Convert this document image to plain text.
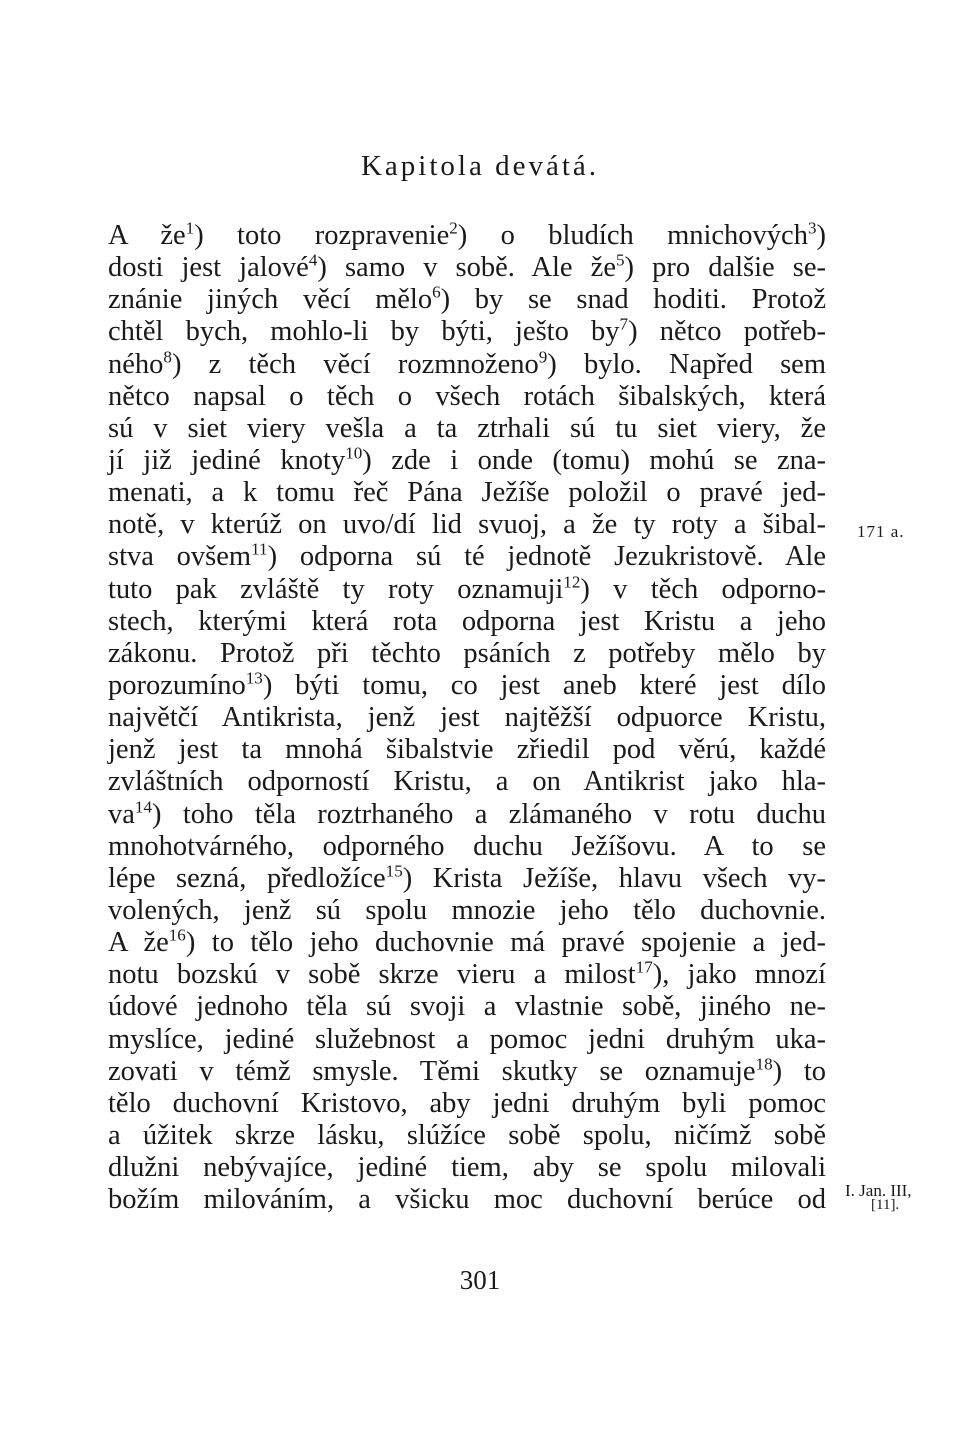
Kapitola devátá.
A $že^1$) toto rozpravenie$^2$) o bludích mnichových$^3$)
dosti jest jalové$^4$) samo v sobě. Ale $že^5$) pro dalšie se-
znánie jiných věcí mělo$^6$) by se snad hoditi. Protož
chtěl bych, mohlo-li by býti, ješto $by^7$) nětco potřeb-
ného$^8$) z těch věcí rozmnoženo$^9$) bylo. Napřed sem
nětco napsal o těch o všech rotách šibalských, která
sú v siet viery vešla a ta ztrhali sú tu siet viery, že
jí již jediné knoty$^{10}$) zde i onde (tomu) mohú se zna-
menati, a k tomu řeč Pána Ježíše položil o pravé jed-
notě, v kterúž on uvo/dí lid svuoj, a že ty roty a šibal-
stva ovšem$^{11}$) odporna sú té jednotě Jezukristově. Ale
tuto pak zvláště ty roty oznamuji$^{12}$) v těch odporno-
stech, kterými která rota odporna jest Kristu a jeho
zákonu. Protož při těchto psáních z potřeby mělo by
porozumíno$^{13}$) býti tomu, co jest aneb které jest dílo
najvětčí Antikrista, jenž jest najtěžší odpuorce Kristu,
jenž jest ta mnohá šibalstvie zřiedil pod věrú, každé
zvláštních odporností Kristu, a on Antikrist jako hla-
$va^{14}$) toho těla roztrhaného a zlámaného v rotu duchu
mnohotvárného, odporného duchu Ježíšovu. A to se
lépe sezná, předložíce$^{15}$) Krista Ježíše, hlavu všech vy-
volených, jenž sú spolu mnozie jeho tělo duchovnie.
A $že^{16}$) to tělo jeho duchovnie má pravé spojenie a jed-
notu bozskú v sobě skrze vieru a milost$^{17}$), jako mnozí
údové jednoho těla sú svoji a vlastnie sobě, jiného ne-
myslíce, jediné služebnost a pomoc jedni druhým uka-
zovati v témž smysle. Těmi skutky se oznamuje$^{18}$) to
tělo duchovní Kristovo, aby jedni druhým byli pomoc
a úžitek skrze lásku, slúžíce sobě spolu, ničímž sobě
dlužni nebývajíce, jediné tiem, aby se spolu milovali
božím milováním, a všicku moc duchovní berúce od
171 a.
I. Jan. III,
[11].
301
